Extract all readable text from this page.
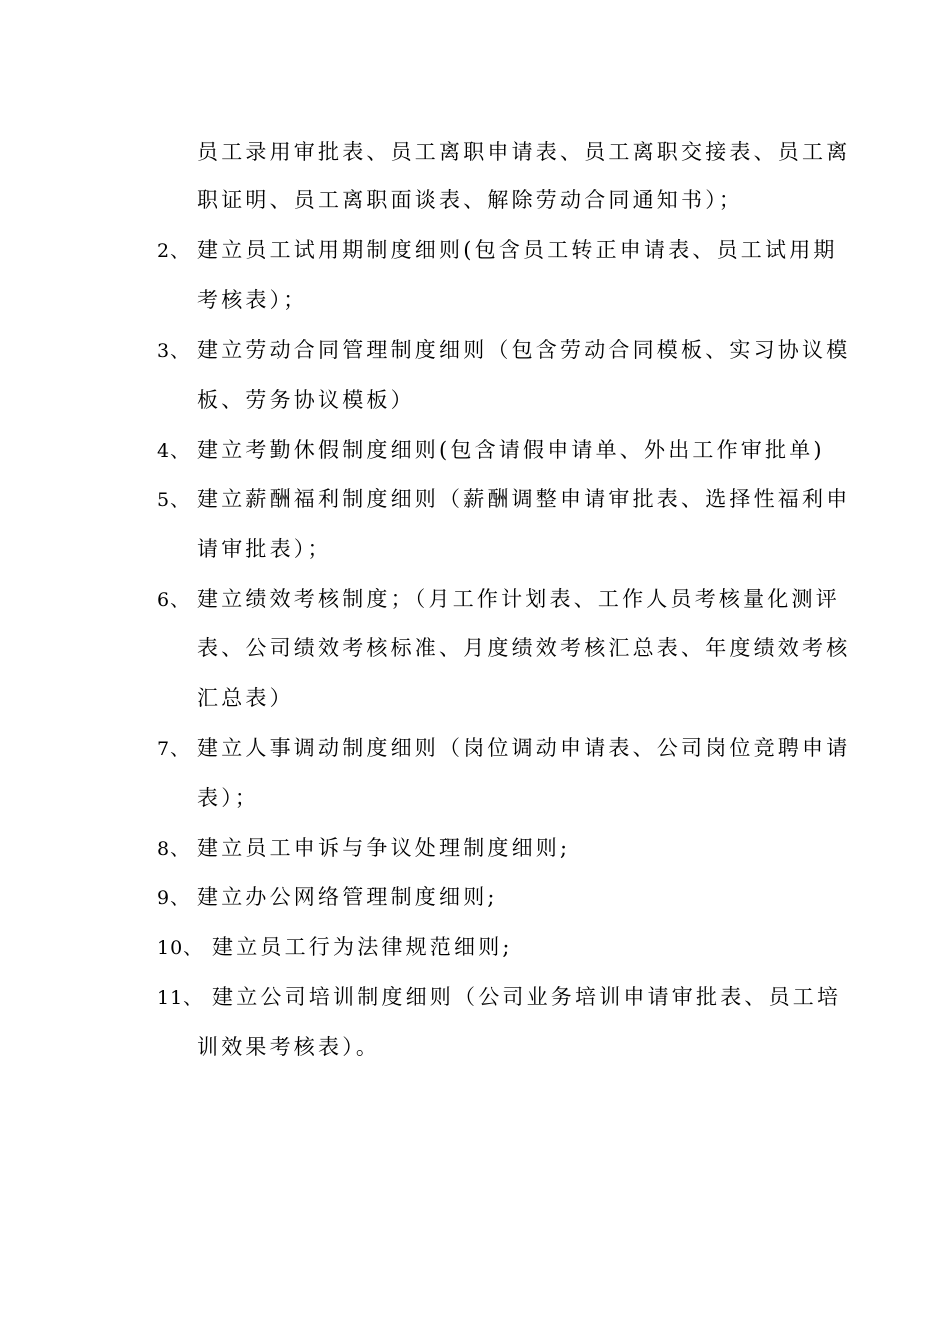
员工录用审批表、员工离职申请表、员工离职交接表、员工离
职证明、员工离职面谈表、解除劳动合同通知书）；
2、 建立员工试用期制度细则(包含员工转正申请表、员工试用期
考核表）；
3、 建立劳动合同管理制度细则（包含劳动合同模板、实习协议模
板、劳务协议模板）
4、 建立考勤休假制度细则(包含请假申请单、外出工作审批单)
5、 建立薪酬福利制度细则（薪酬调整申请审批表、选择性福利申
请审批表）；
6、 建立绩效考核制度；（月工作计划表、工作人员考核量化测评
表、公司绩效考核标准、月度绩效考核汇总表、年度绩效考核
汇总表）
7、 建立人事调动制度细则（岗位调动申请表、公司岗位竞聘申请
表）；
8、 建立员工申诉与争议处理制度细则;
9、 建立办公网络管理制度细则;
10、 建立员工行为法律规范细则;
11、 建立公司培训制度细则（公司业务培训申请审批表、员工培
训效果考核表）。
